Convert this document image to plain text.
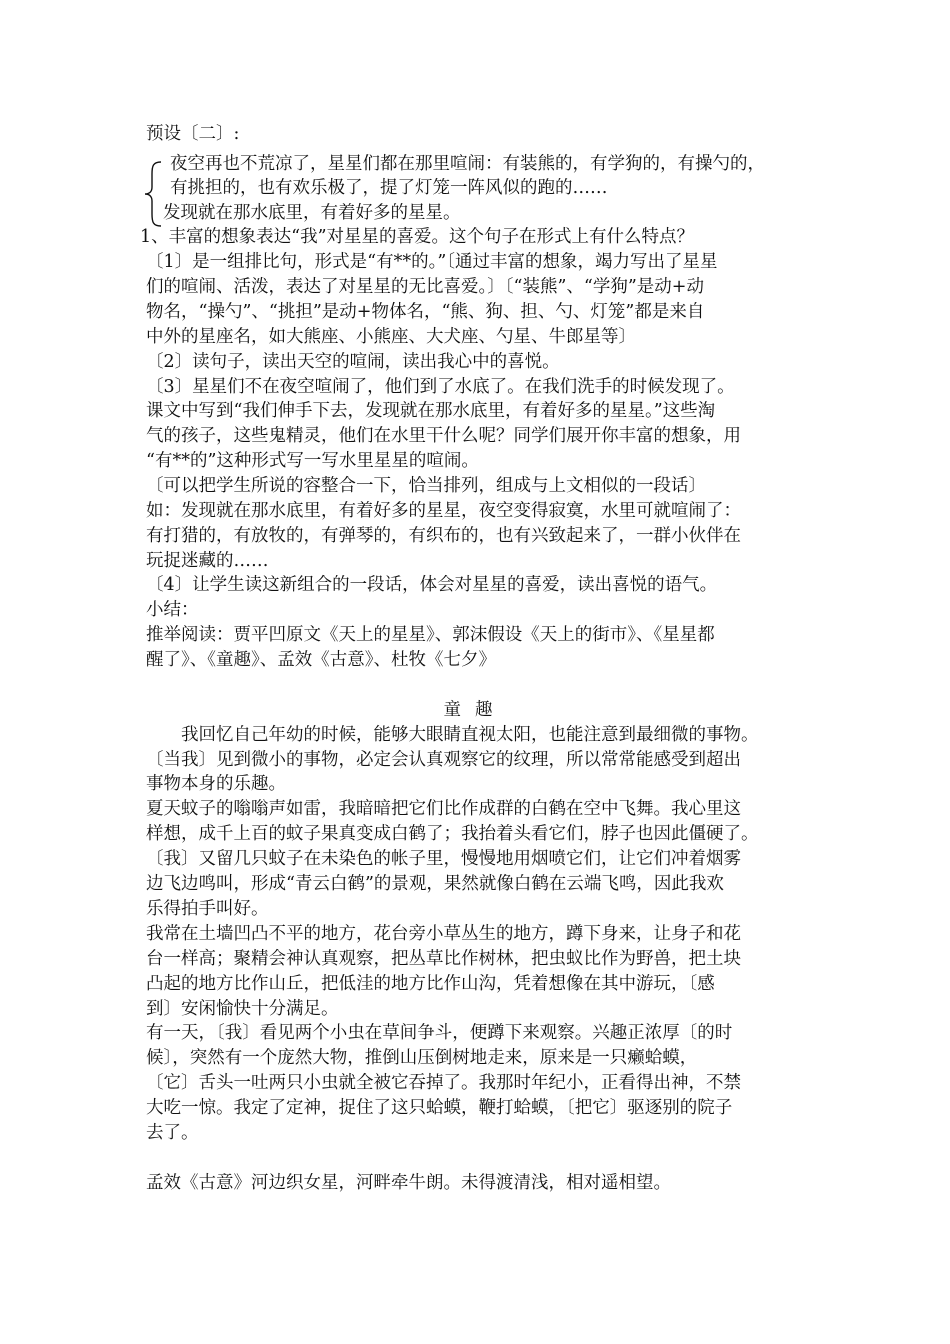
预设〔二〕:
夜空再也不荒凉了，星星们都在那里喧闹：有装熊的，有学狗的，有操勺的，
有挑担的，也有欢乐极了，提了灯笼一阵风似的跑的……
发现就在那水底里，有着好多的星星。
1、丰富的想象表达“我”对星星的喜爱。这个句子在形式上有什么特点？
〔1〕是一组排比句，形式是“有**的。”〔通过丰富的想象，竭力写出了星星
们的喧闹、活泼，表达了对星星的无比喜爱。〕〔“装熊”、“学狗”是动+动
物名，“操勺”、“挑担”是动+物体名，“熊、狗、担、勺、灯笼”都是来自
中外的星座名，如大熊座、小熊座、大犬座、勺星、牛郎星等〕
〔2〕读句子，读出天空的喧闹，读出我心中的喜悦。
〔3〕星星们不在夜空喧闹了，他们到了水底了。在我们洗手的时候发现了。
课文中写到“我们伸手下去，发现就在那水底里，有着好多的星星。”这些淘
气的孩子，这些鬼精灵，他们在水里干什么呢？同学们展开你丰富的想象，用
“有**的”这种形式写一写水里星星的喧闹。
〔可以把学生所说的容整合一下，恰当排列，组成与上文相似的一段话〕
如：发现就在那水底里，有着好多的星星，夜空变得寂寞，水里可就喧闹了：
有打猎的，有放牧的，有弹琴的，有织布的，也有兴致起来了，一群小伙伴在
玩捉迷藏的……
〔4〕让学生读这新组合的一段话，体会对星星的喜爱，读出喜悦的语气。
小结：
推举阅读：贾平凹原文《天上的星星》、郭沫假设《天上的街市》、《星星都
醒了》、《童趣》、孟效《古意》、杜牧《七夕》
童趣
　　我回忆自己年幼的时候，能够大眼睛直视太阳，也能注意到最细微的事物。
〔当我〕见到微小的事物，必定会认真观察它的纹理，所以常常能感受到超出
事物本身的乐趣。
夏天蚊子的嗡嗡声如雷，我暗暗把它们比作成群的白鹤在空中飞舞。我心里这
样想，成千上百的蚊子果真变成白鹤了；我抬着头看它们，脖子也因此僵硬了。
〔我〕又留几只蚊子在未染色的帐子里，慢慢地用烟喷它们，让它们冲着烟雾
边飞边鸣叫，形成“青云白鹤”的景观，果然就像白鹤在云端飞鸣，因此我欢
乐得拍手叫好。
我常在土墙凹凸不平的地方，花台旁小草丛生的地方，蹲下身来，让身子和花
台一样高；聚精会神认真观察，把丛草比作树林，把虫蚁比作为野兽，把土块
凸起的地方比作山丘，把低洼的地方比作山沟，凭着想像在其中游玩，〔感
到〕安闲愉快十分满足。
有一天，〔我〕看见两个小虫在草间争斗，便蹲下来观察。兴趣正浓厚〔的时
候〕，突然有一个庞然大物，推倒山压倒树地走来，原来是一只癞蛤蟆，
〔它〕舌头一吐两只小虫就全被它吞掉了。我那时年纪小，正看得出神，不禁
大吃一惊。我定了定神，捉住了这只蛤蟆，鞭打蛤蟆，〔把它〕驱逐别的院子
去了。
孟效《古意》河边织女星，河畔牵牛朗。未得渡清浅，相对遥相望。
